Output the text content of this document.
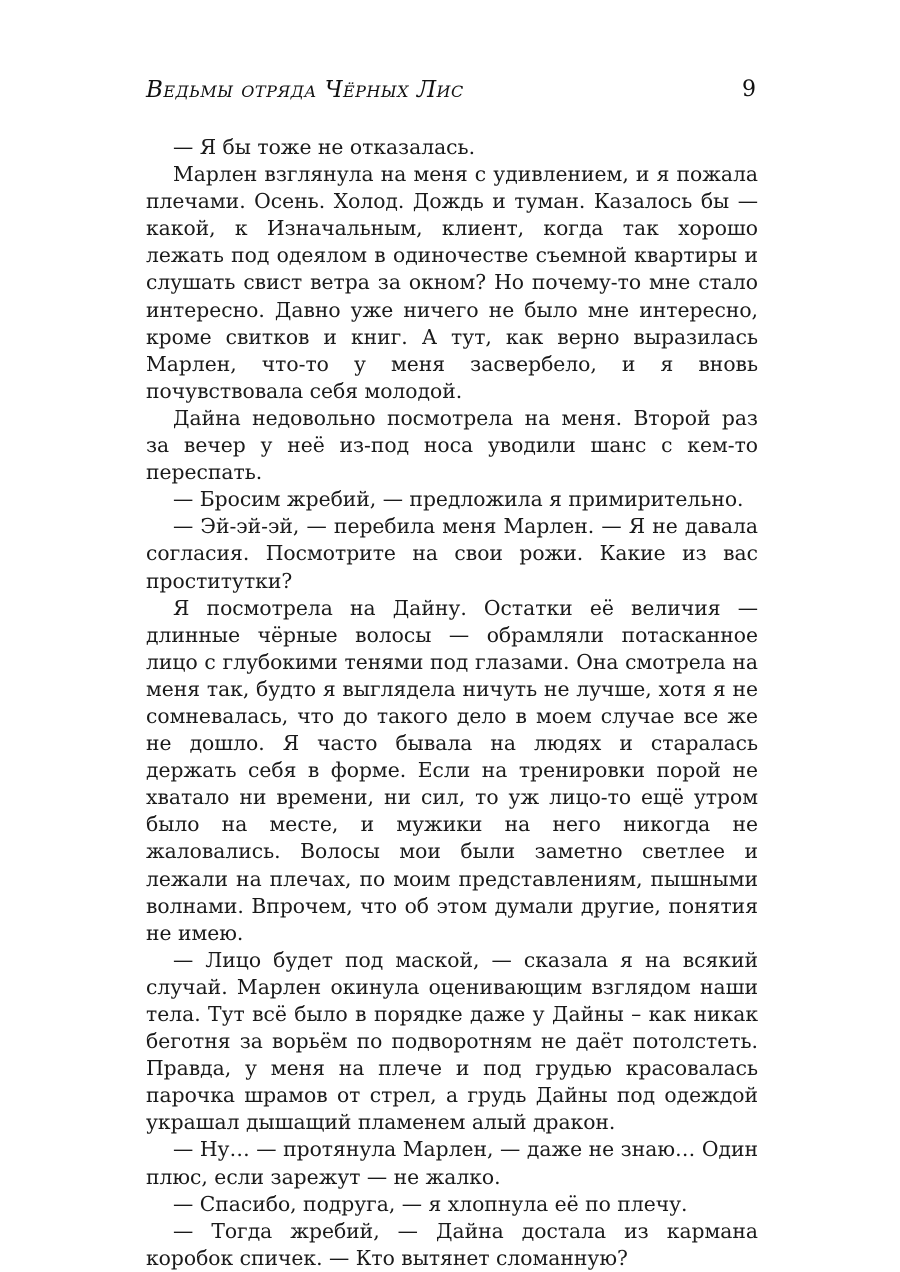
Ведьмы отряда Чёрных Лис	9

— Я бы тоже не отказалась.

Марлен взглянула на меня с удивлением, и я пожала плечами. Осень. Холод. Дождь и туман. Казалось бы — какой, к Изначальным, клиент, когда так хорошо лежать под одеялом в одиночестве съемной квартиры и слушать свист ветра за окном? Но почему-то мне стало интересно. Давно уже ничего не было мне интересно, кроме свитков и книг. А тут, как верно выразилась Марлен, что-то у меня засвербело, и я вновь почувствовала себя молодой.

Дайна недовольно посмотрела на меня. Второй раз за вечер у неё из-под носа уводили шанс с кем-то переспать.

— Бросим жребий, — предложила я примирительно.

— Эй-эй-эй, — перебила меня Марлен. — Я не давала согласия. Посмотрите на свои рожи. Какие из вас проститутки?

Я посмотрела на Дайну. Остатки её величия — длинные чёрные волосы — обрамляли потасканное лицо с глубокими тенями под глазами. Она смотрела на меня так, будто я выглядела ничуть не лучше, хотя я не сомневалась, что до такого дело в моем случае все же не дошло. Я часто бывала на людях и старалась держать себя в форме. Если на тренировки порой не хватало ни времени, ни сил, то уж лицо-то ещё утром было на месте, и мужики на него никогда не жаловались. Волосы мои были заметно светлее и лежали на плечах, по моим представлениям, пышными волнами. Впрочем, что об этом думали другие, понятия не имею.

— Лицо будет под маской, — сказала я на всякий случай. Марлен окинула оценивающим взглядом наши тела. Тут всё было в порядке даже у Дайны – как никак беготня за ворьём по подворотням не даёт потолстеть. Правда, у меня на плече и под грудью красовалась парочка шрамов от стрел, а грудь Дайны под одеждой украшал дышащий пламенем алый дракон.

— Ну… — протянула Марлен, — даже не знаю… Один плюс, если зарежут — не жалко.

— Спасибо, подруга, — я хлопнула её по плечу.

— Тогда жребий, — Дайна достала из кармана коробок спичек. — Кто вытянет сломанную?
